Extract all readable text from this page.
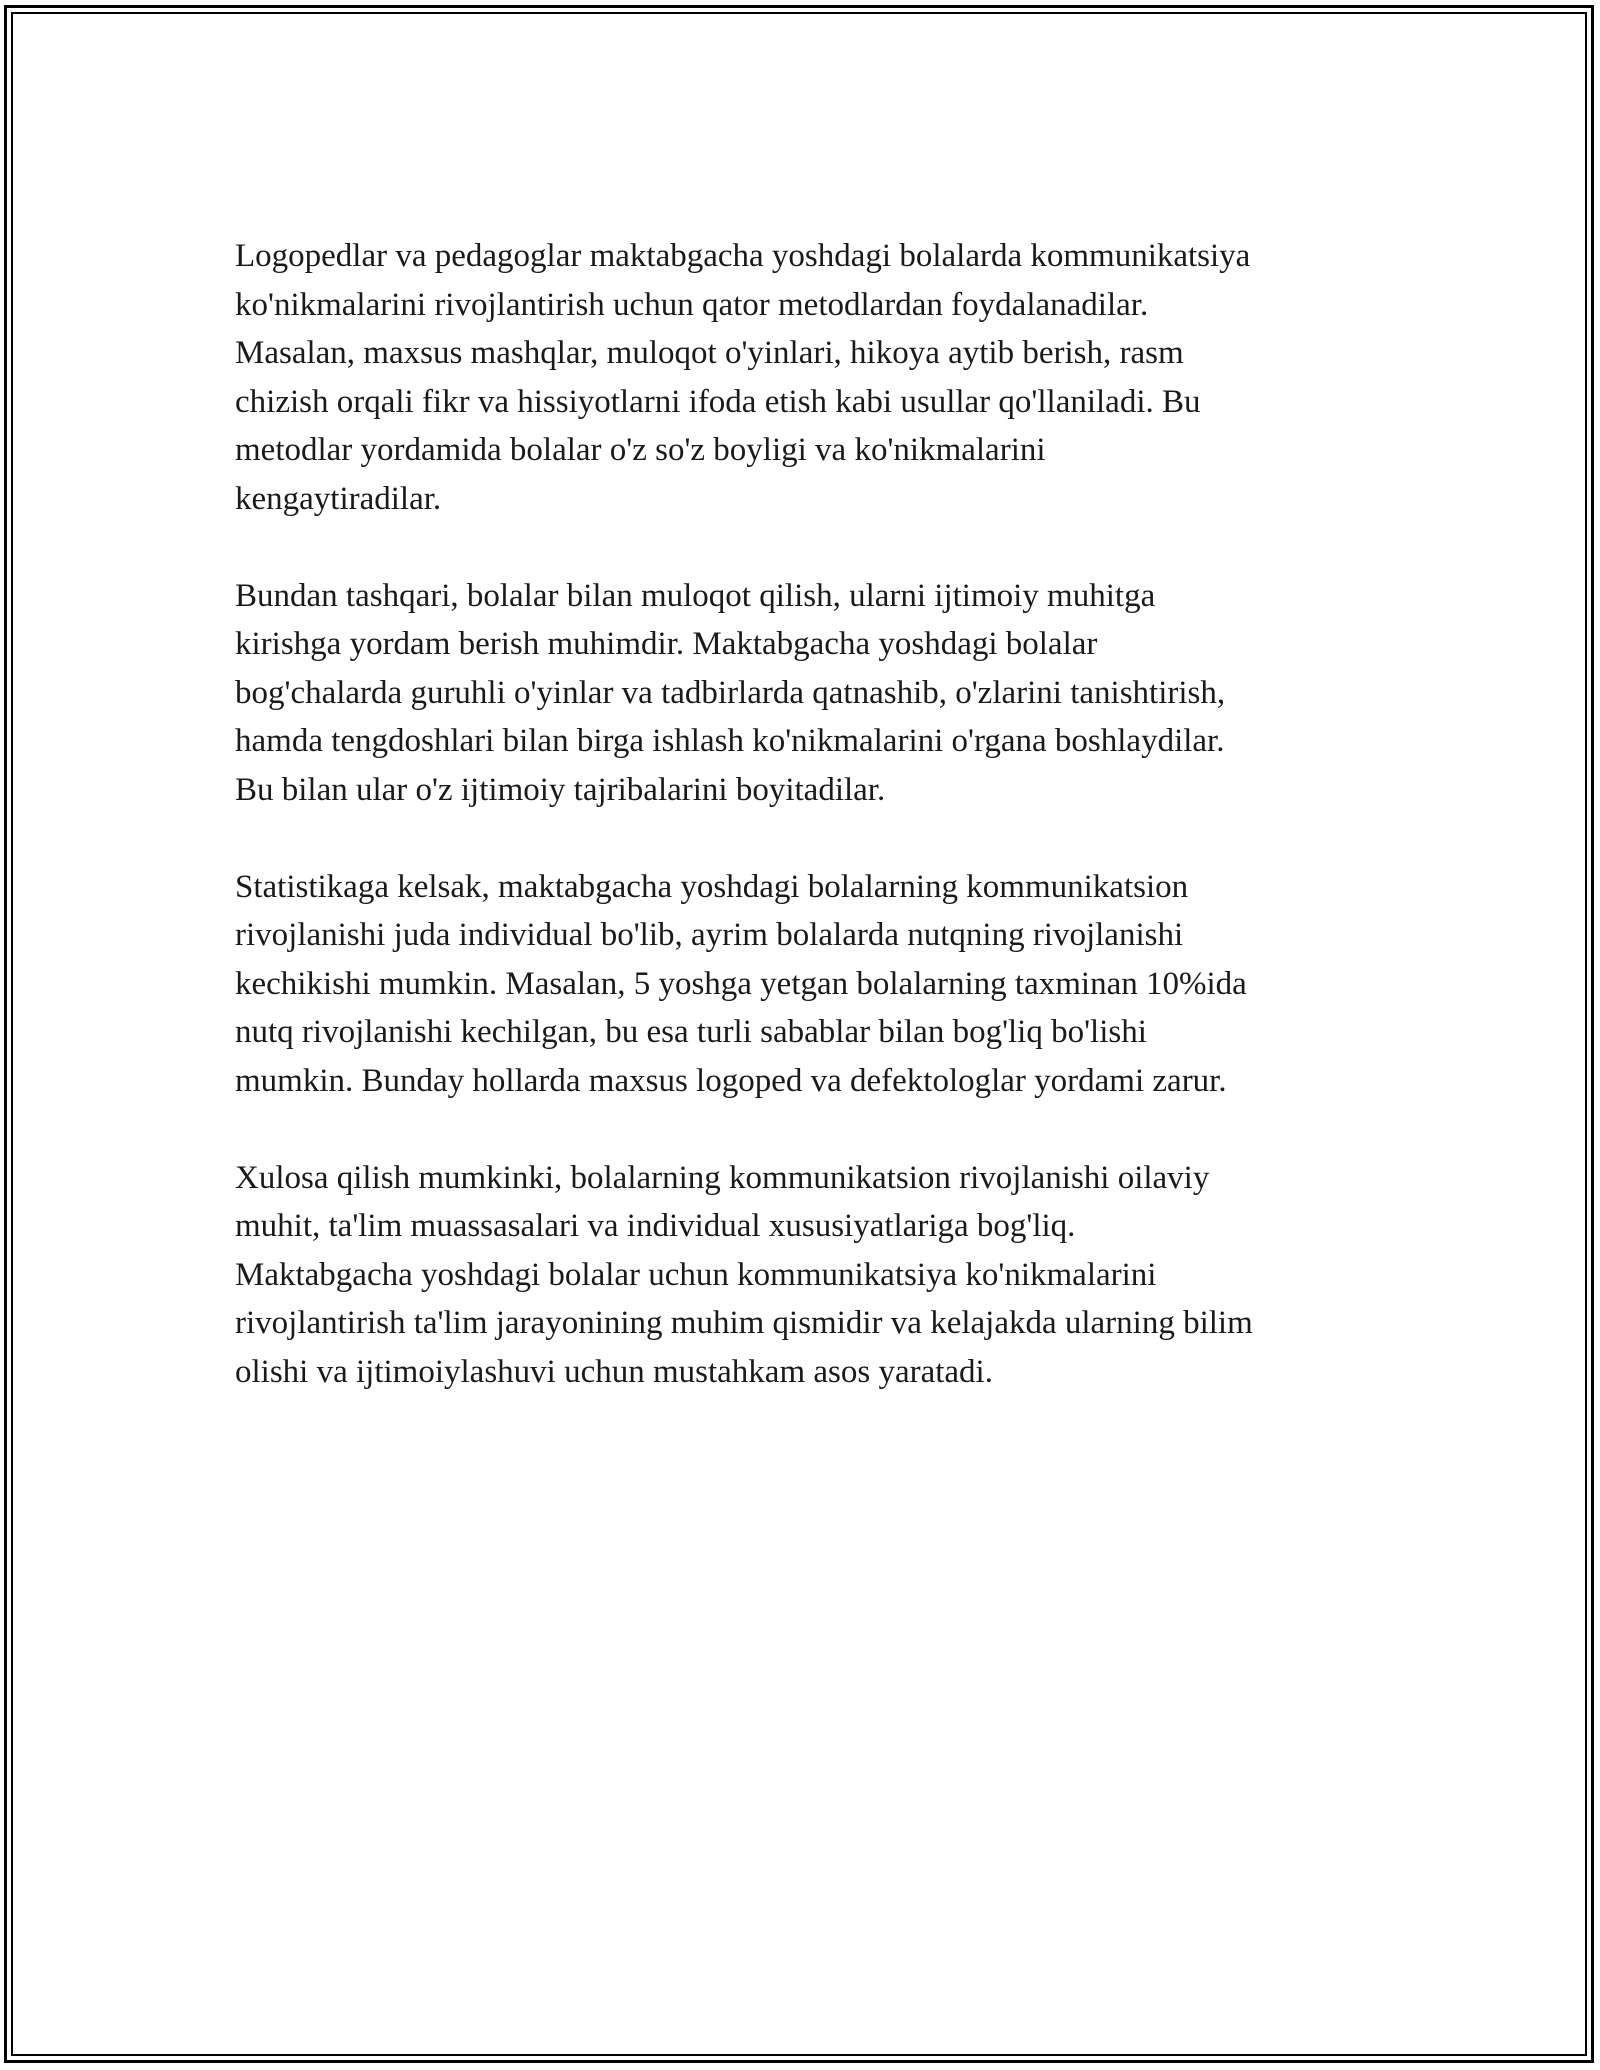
Logopedlar va pedagoglar maktabgacha yoshdagi bolalarda kommunikatsiya
ko'nikmalarini rivojlantirish uchun qator metodlardan foydalanadilar.
Masalan, maxsus mashqlar, muloqot o'yinlari, hikoya aytib berish, rasm
chizish orqali fikr va hissiyotlarni ifoda etish kabi usullar qo'llaniladi. Bu
metodlar yordamida bolalar o'z so'z boyligi va ko'nikmalarini
kengaytiradilar.

Bundan tashqari, bolalar bilan muloqot qilish, ularni ijtimoiy muhitga
kirishga yordam berish muhimdir. Maktabgacha yoshdagi bolalar
bog'chalarda guruhli o'yinlar va tadbirlarda qatnashib, o'zlarini tanishtirish,
hamda tengdoshlari bilan birga ishlash ko'nikmalarini o'rgana boshlaydilar.
Bu bilan ular o'z ijtimoiy tajribalarini boyitadilar.

Statistikaga kelsak, maktabgacha yoshdagi bolalarning kommunikatsion
rivojlanishi juda individual bo'lib, ayrim bolalarda nutqning rivojlanishi
kechikishi mumkin. Masalan, 5 yoshga yetgan bolalarning taxminan 10%ida
nutq rivojlanishi kechilgan, bu esa turli sabablar bilan bog'liq bo'lishi
mumkin. Bunday hollarda maxsus logoped va defektologlar yordami zarur.

Xulosa qilish mumkinki, bolalarning kommunikatsion rivojlanishi oilaviy
muhit, ta'lim muassasalari va individual xususiyatlariga bog'liq.
Maktabgacha yoshdagi bolalar uchun kommunikatsiya ko'nikmalarini
rivojlantirish ta'lim jarayonining muhim qismidir va kelajakda ularning bilim
olishi va ijtimoiylashuvi uchun mustahkam asos yaratadi.
